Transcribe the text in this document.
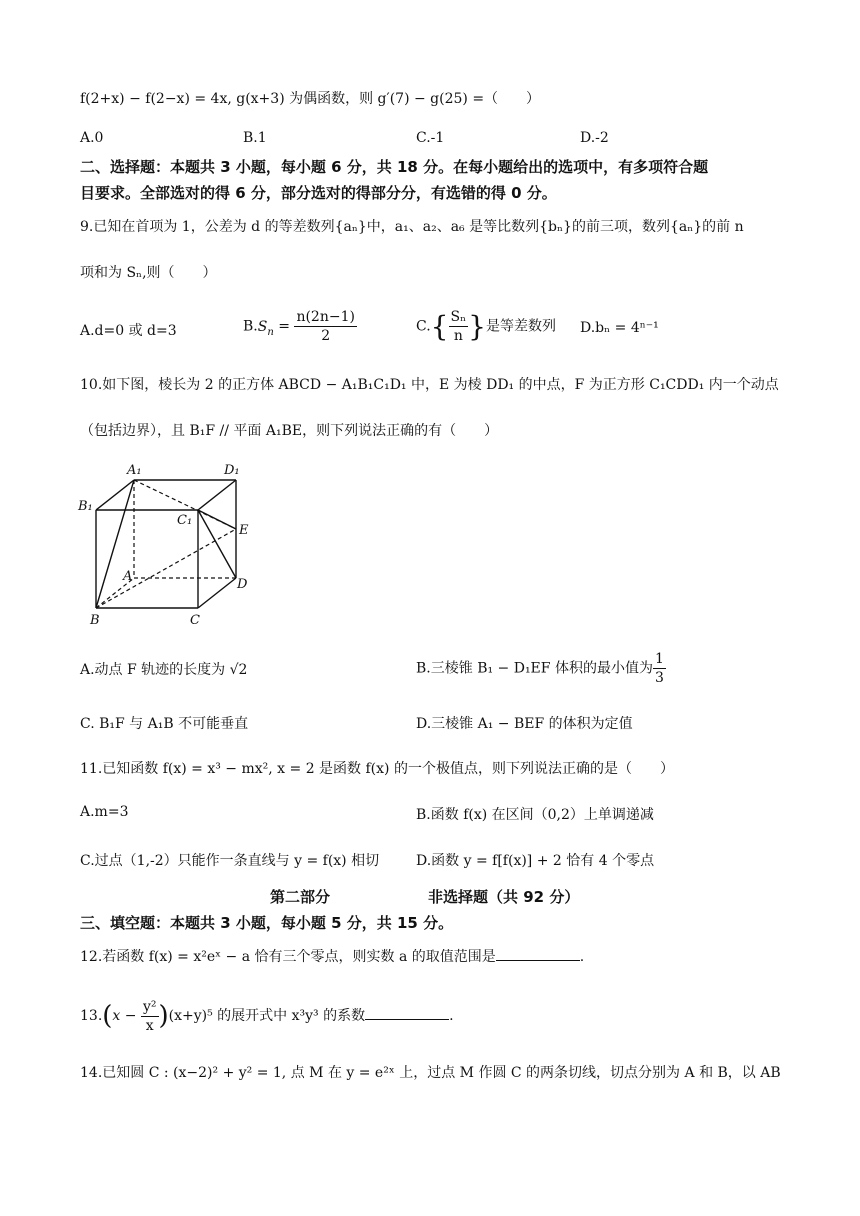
f(2+x) − f(2−x) = 4x, g(x+3) 为偶函数，则 g′(7) − g(25) =（　　）
A.0	B.1	C.-1	D.-2
二、选择题：本题共 3 小题，每小题 6 分，共 18 分。在每小题给出的选项中，有多项符合题
目要求。全部选对的得 6 分，部分选对的得部分分，有选错的得 0 分。
9.已知在首项为 1，公差为 d 的等差数列{aₙ}中，a₁、a₂、a₆ 是等比数列{bₙ}的前三项，数列{aₙ}的前 n
项和为 Sₙ,则（　　）
A.d=0 或 d=3	$B.S_n = \frac{n(2n-1)}{2}$	$C.\{ \frac{\text{Sₙ}}{n}$ }是等差数列 D.bₙ = 4ⁿ⁻¹
10.如下图，棱长为 2 的正方体 ABCD − A₁B₁C₁D₁ 中，E 为棱 DD₁ 的中点，F 为正方形 C₁CDD₁ 内一个动点
（包括边界），且 B₁F // 平面 A₁BE，则下列说法正确的有（　　）
A₁	D₁
B₁
C₁
E
A
D
B	C
A.动点 F 轨迹的长度为 √2	B.三棱锥 B₁ − D₁EF 体积的最小值为 $\frac{1}{3}$
C. B₁F 与 A₁B 不可能垂直	D.三棱锥 A₁ − BEF 的体积为定值
11.已知函数 f(x) = x³ − mx², x = 2 是函数 f(x) 的一个极值点，则下列说法正确的是（　　）
A.m=3	B.函数 f(x) 在区间（0,2）上单调递减
C.过点（1,-2）只能作一条直线与 y = f(x) 相切	D.函数 y = f[f(x)] + 2 恰有 4 个零点
第二部分	非选择题（共 92 分）
三、填空题：本题共 3 小题，每小题 5 分，共 15 分。
12.若函数 f(x) = x²eˣ − a 恰有三个零点，则实数 a 的取值范围是	.
$13.(x - \frac{\text{y²}}{x} )(x+y)^5$ 的展开式中 x³y³ 的系数	.
14.已知圆 C : (x−2)² + y² = 1, 点 M 在 y = e²ˣ 上，过点 M 作圆 C 的两条切线，切点分别为 A 和 B，以 AB
